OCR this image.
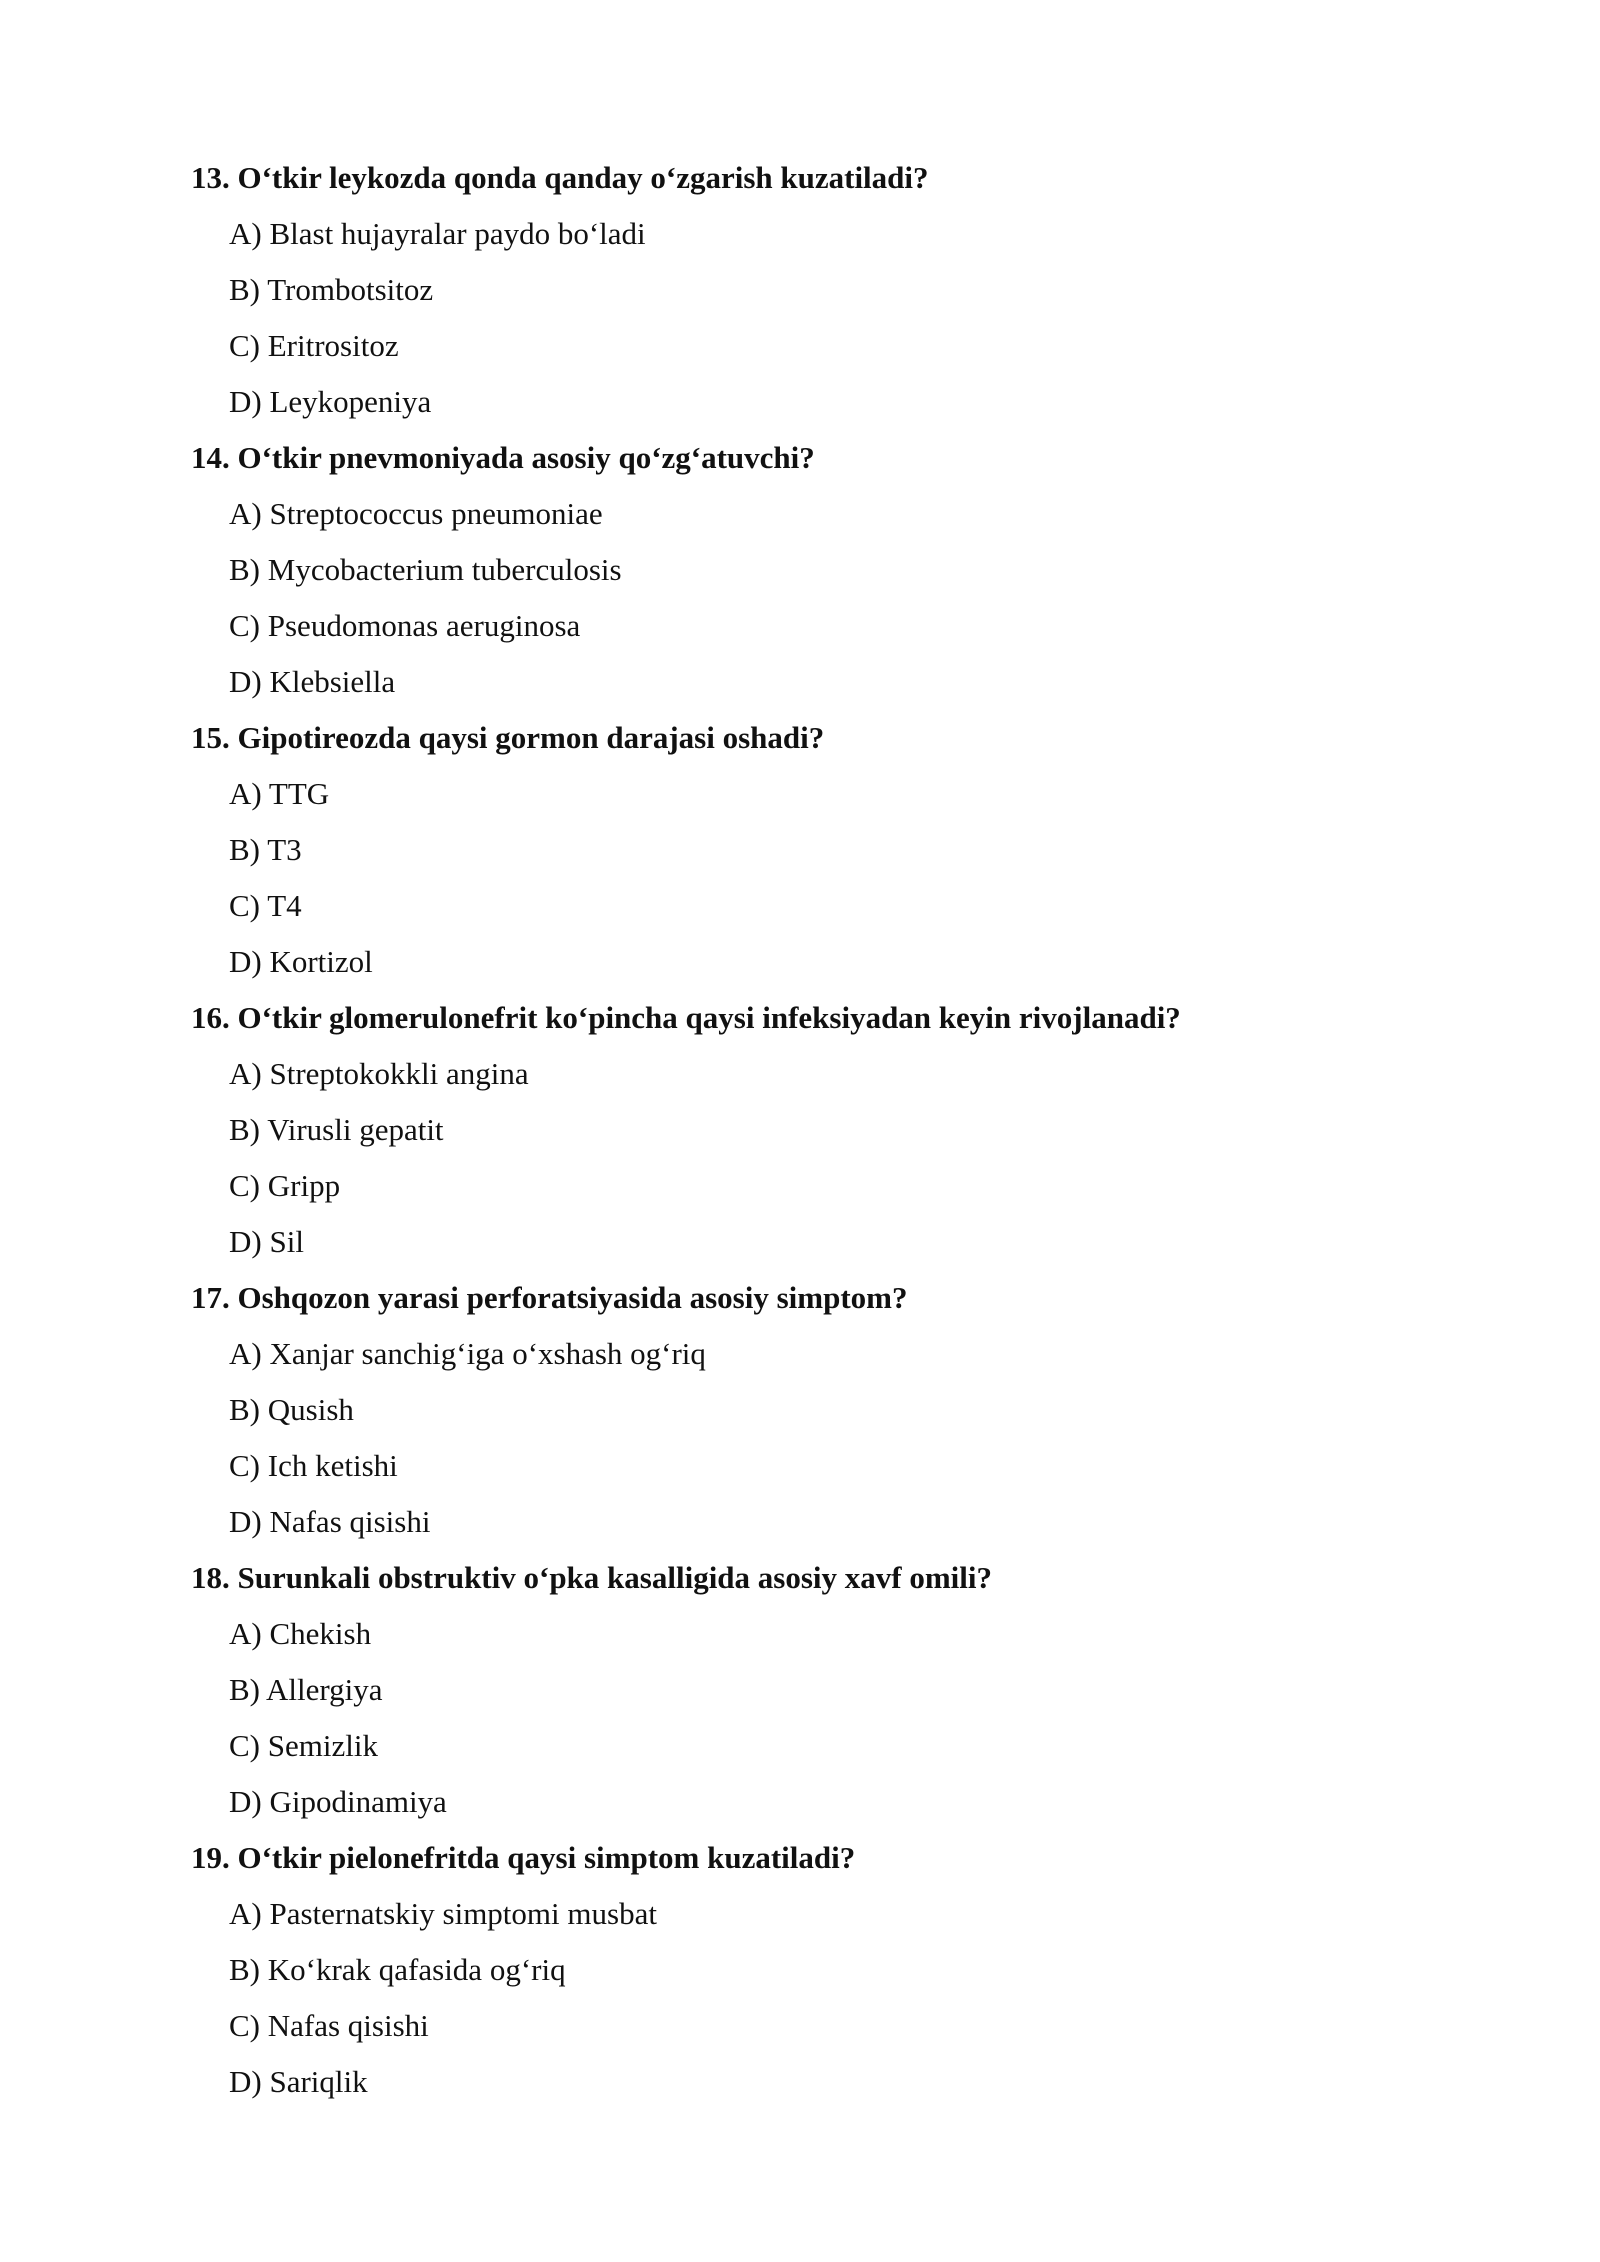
13. O‘tkir leykozda qonda qanday o‘zgarish kuzatiladi?
A) Blast hujayralar paydo bo‘ladi
B) Trombotsitoz
C) Eritrositoz
D) Leykopeniya
14. O‘tkir pnevmoniyada asosiy qo‘zg‘atuvchi?
A) Streptococcus pneumoniae
B) Mycobacterium tuberculosis
C) Pseudomonas aeruginosa
D) Klebsiella
15. Gipotireozda qaysi gormon darajasi oshadi?
A) TTG
B) T3
C) T4
D) Kortizol
16. O‘tkir glomerulonefrit ko‘pincha qaysi infeksiyadan keyin rivojlanadi?
A) Streptokokkli angina
B) Virusli gepatit
C) Gripp
D) Sil
17. Oshqozon yarasi perforatsiyasida asosiy simptom?
A) Xanjar sanchig‘iga o‘xshash og‘riq
B) Qusish
C) Ich ketishi
D) Nafas qisishi
18. Surunkali obstruktiv o‘pka kasalligida asosiy xavf omili?
A) Chekish
B) Allergiya
C) Semizlik
D) Gipodinamiya
19. O‘tkir pielonefritda qaysi simptom kuzatiladi?
A) Pasternatskiy simptomi musbat
B) Ko‘krak qafasida og‘riq
C) Nafas qisishi
D) Sariqlik
